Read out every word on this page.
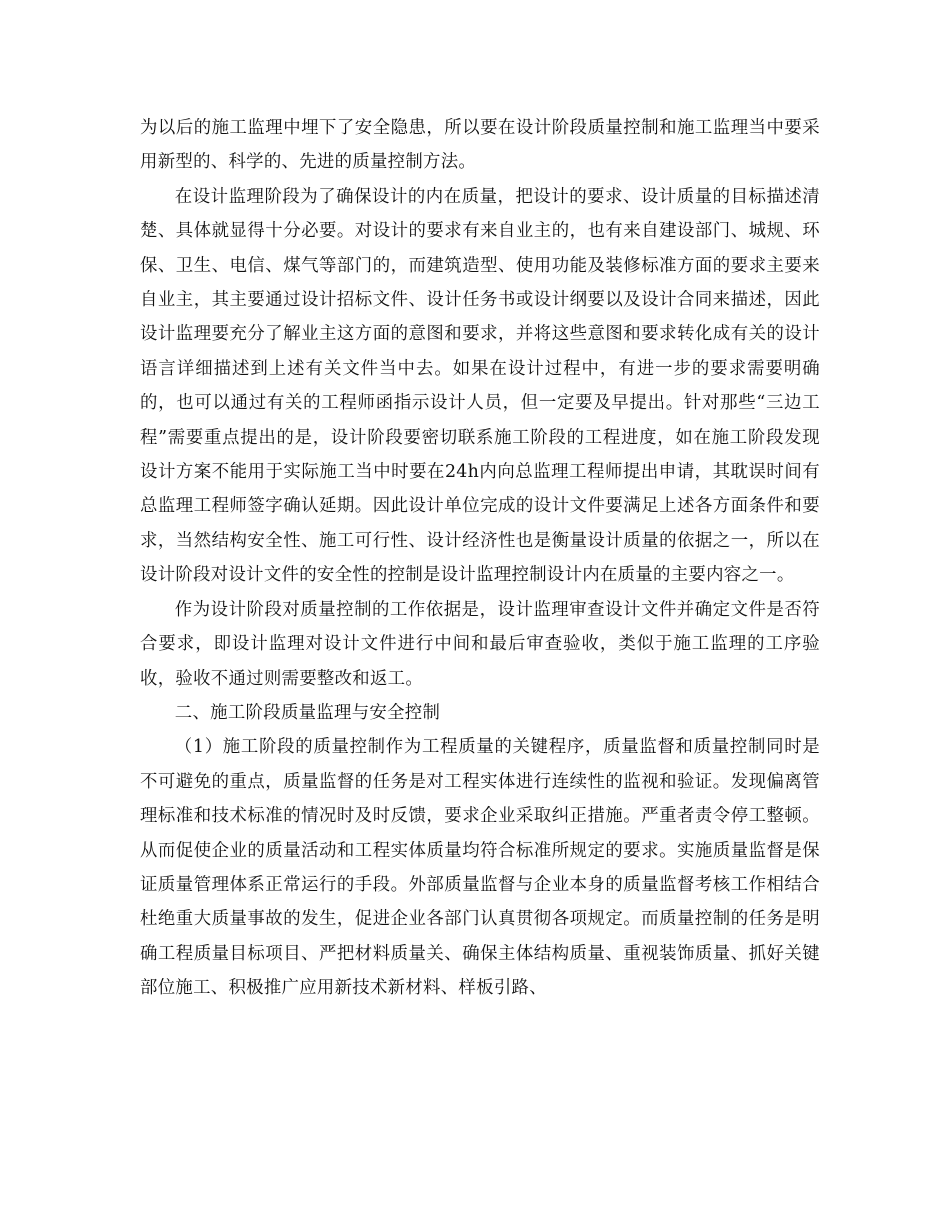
为以后的施工监理中埋下了安全隐患，所以要在设计阶段质量控制和施工监理当中要采用新型的、科学的、先进的质量控制方法。

在设计监理阶段为了确保设计的内在质量，把设计的要求、设计质量的目标描述清楚、具体就显得十分必要。对设计的要求有来自业主的，也有来自建设部门、城规、环保、卫生、电信、煤气等部门的，而建筑造型、使用功能及装修标准方面的要求主要来自业主，其主要通过设计招标文件、设计任务书或设计纲要以及设计合同来描述，因此设计监理要充分了解业主这方面的意图和要求，并将这些意图和要求转化成有关的设计语言详细描述到上述有关文件当中去。如果在设计过程中，有进一步的要求需要明确的，也可以通过有关的工程师函指示设计人员，但一定要及早提出。针对那些“三边工程”需要重点提出的是，设计阶段要密切联系施工阶段的工程进度，如在施工阶段发现设计方案不能用于实际施工当中时要在24h内向总监理工程师提出申请，其耽误时间有总监理工程师签字确认延期。因此设计单位完成的设计文件要满足上述各方面条件和要求，当然结构安全性、施工可行性、设计经济性也是衡量设计质量的依据之一，所以在设计阶段对设计文件的安全性的控制是设计监理控制设计内在质量的主要内容之一。

作为设计阶段对质量控制的工作依据是，设计监理审查设计文件并确定文件是否符合要求，即设计监理对设计文件进行中间和最后审查验收，类似于施工监理的工序验收，验收不通过则需要整改和返工。

二、施工阶段质量监理与安全控制

（1）施工阶段的质量控制作为工程质量的关键程序，质量监督和质量控制同时是不可避免的重点，质量监督的任务是对工程实体进行连续性的监视和验证。发现偏离管理标准和技术标准的情况时及时反馈，要求企业采取纠正措施。严重者责令停工整顿。从而促使企业的质量活动和工程实体质量均符合标准所规定的要求。实施质量监督是保证质量管理体系正常运行的手段。外部质量监督与企业本身的质量监督考核工作相结合杜绝重大质量事故的发生，促进企业各部门认真贯彻各项规定。而质量控制的任务是明确工程质量目标项目、严把材料质量关、确保主体结构质量、重视装饰质量、抓好关键部位施工、积极推广应用新技术新材料、样板引路、
